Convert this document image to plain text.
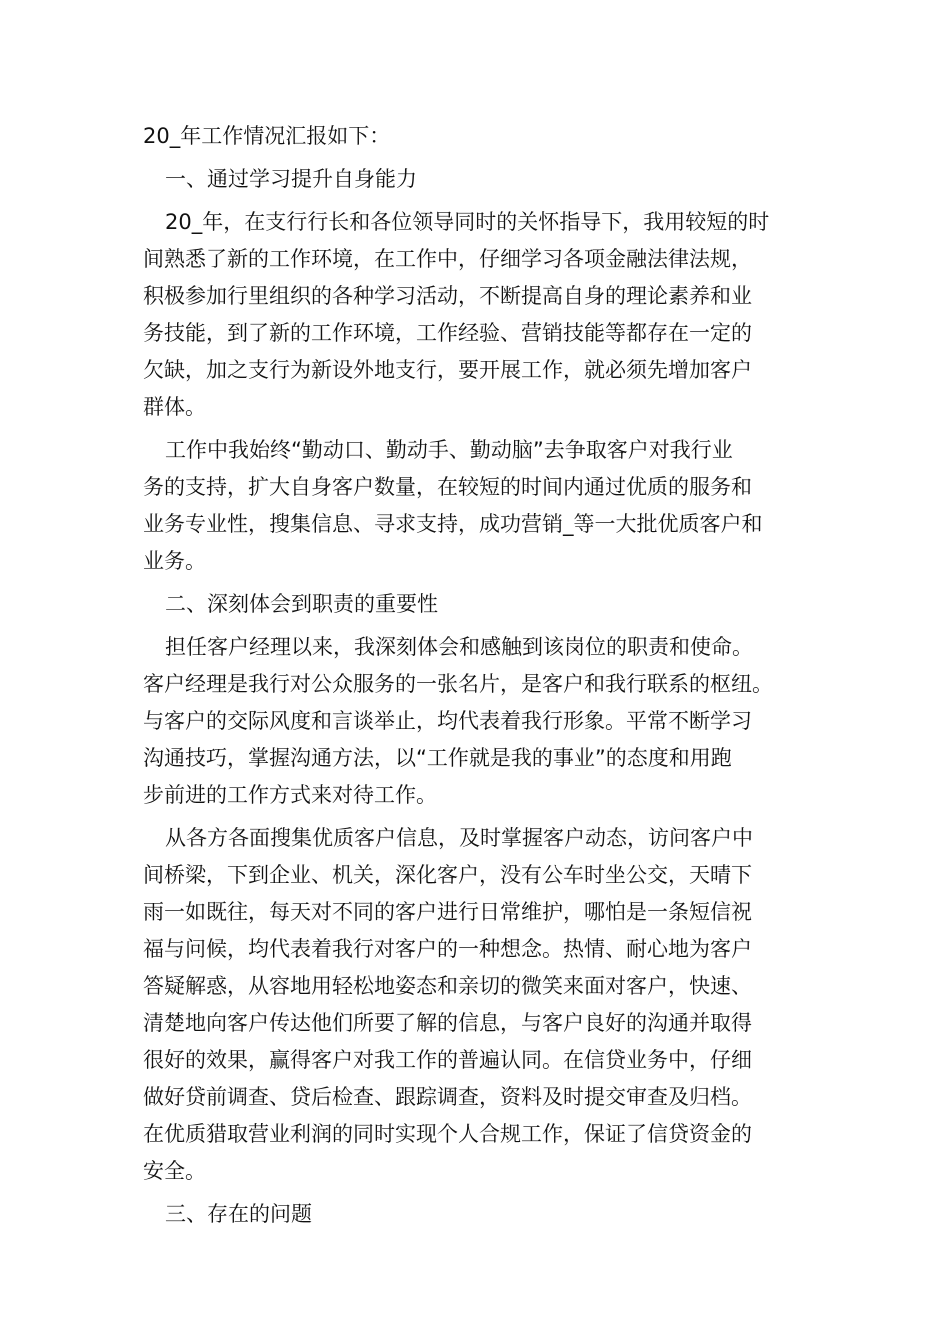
20_年工作情况汇报如下：
一、通过学习提升自身能力
20_年，在支行行长和各位领导同时的关怀指导下，我用较短的时
间熟悉了新的工作环境，在工作中，仔细学习各项金融法律法规，
积极参加行里组织的各种学习活动，不断提高自身的理论素养和业
务技能，到了新的工作环境，工作经验、营销技能等都存在一定的
欠缺，加之支行为新设外地支行，要开展工作，就必须先增加客户
群体。
工作中我始终“勤动口、勤动手、勤动脑”去争取客户对我行业
务的支持，扩大自身客户数量，在较短的时间内通过优质的服务和
业务专业性，搜集信息、寻求支持，成功营销_等一大批优质客户和
业务。
二、深刻体会到职责的重要性
担任客户经理以来，我深刻体会和感触到该岗位的职责和使命。
客户经理是我行对公众服务的一张名片，是客户和我行联系的枢纽。
与客户的交际风度和言谈举止，均代表着我行形象。平常不断学习
沟通技巧，掌握沟通方法，以“工作就是我的事业”的态度和用跑
步前进的工作方式来对待工作。
从各方各面搜集优质客户信息，及时掌握客户动态，访问客户中
间桥梁，下到企业、机关，深化客户，没有公车时坐公交，天晴下
雨一如既往，每天对不同的客户进行日常维护，哪怕是一条短信祝
福与问候，均代表着我行对客户的一种想念。热情、耐心地为客户
答疑解惑，从容地用轻松地姿态和亲切的微笑来面对客户，快速、
清楚地向客户传达他们所要了解的信息，与客户良好的沟通并取得
很好的效果，赢得客户对我工作的普遍认同。在信贷业务中，仔细
做好贷前调查、贷后检查、跟踪调查，资料及时提交审查及归档。
在优质猎取营业利润的同时实现个人合规工作，保证了信贷资金的
安全。
三、存在的问题
